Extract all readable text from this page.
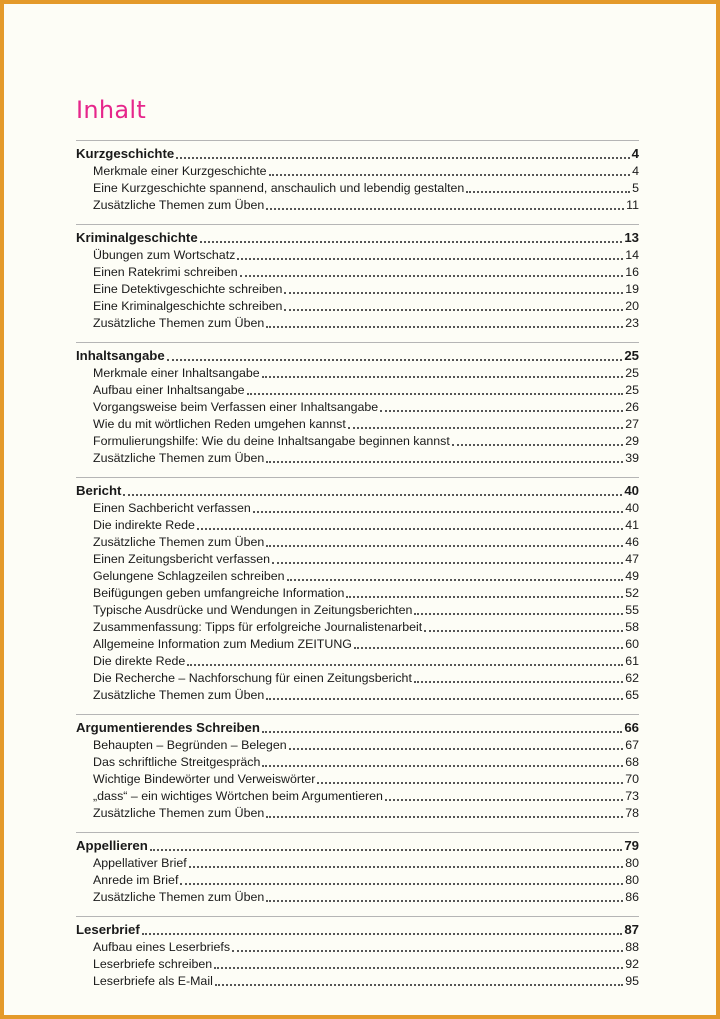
Inhalt
Kurzgeschichte	4
Merkmale einer Kurzgeschichte	4
Eine Kurzgeschichte spannend, anschaulich und lebendig gestalten	5
Zusätzliche Themen zum Üben	11
Kriminalgeschichte	13
Übungen zum Wortschatz	14
Einen Ratekrimi schreiben	16
Eine Detektivgeschichte schreiben	19
Eine Kriminalgeschichte schreiben	20
Zusätzliche Themen zum Üben	23
Inhaltsangabe	25
Merkmale einer Inhaltsangabe	25
Aufbau einer Inhaltsangabe	25
Vorgangsweise beim Verfassen einer Inhaltsangabe	26
Wie du mit wörtlichen Reden umgehen kannst	27
Formulierungshilfe: Wie du deine Inhaltsangabe beginnen kannst	29
Zusätzliche Themen zum Üben	39
Bericht	40
Einen Sachbericht verfassen	40
Die indirekte Rede	41
Zusätzliche Themen zum Üben	46
Einen Zeitungsbericht verfassen	47
Gelungene Schlagzeilen schreiben	49
Beifügungen geben umfangreiche Information	52
Typische Ausdrücke und Wendungen in Zeitungsberichten	55
Zusammenfassung: Tipps für erfolgreiche Journalistenarbeit	58
Allgemeine Information zum Medium ZEITUNG	60
Die direkte Rede	61
Die Recherche – Nachforschung für einen Zeitungsbericht	62
Zusätzliche Themen zum Üben	65
Argumentierendes Schreiben	66
Behaupten – Begründen – Belegen	67
Das schriftliche Streitgespräch	68
Wichtige Bindewörter und Verweiswörter	70
„dass“ – ein wichtiges Wörtchen beim Argumentieren	73
Zusätzliche Themen zum Üben	78
Appellieren	79
Appellativer Brief	80
Anrede im Brief	80
Zusätzliche Themen zum Üben	86
Leserbrief	87
Aufbau eines Leserbriefs	88
Leserbriefe schreiben	92
Leserbriefe als E-Mail	95
